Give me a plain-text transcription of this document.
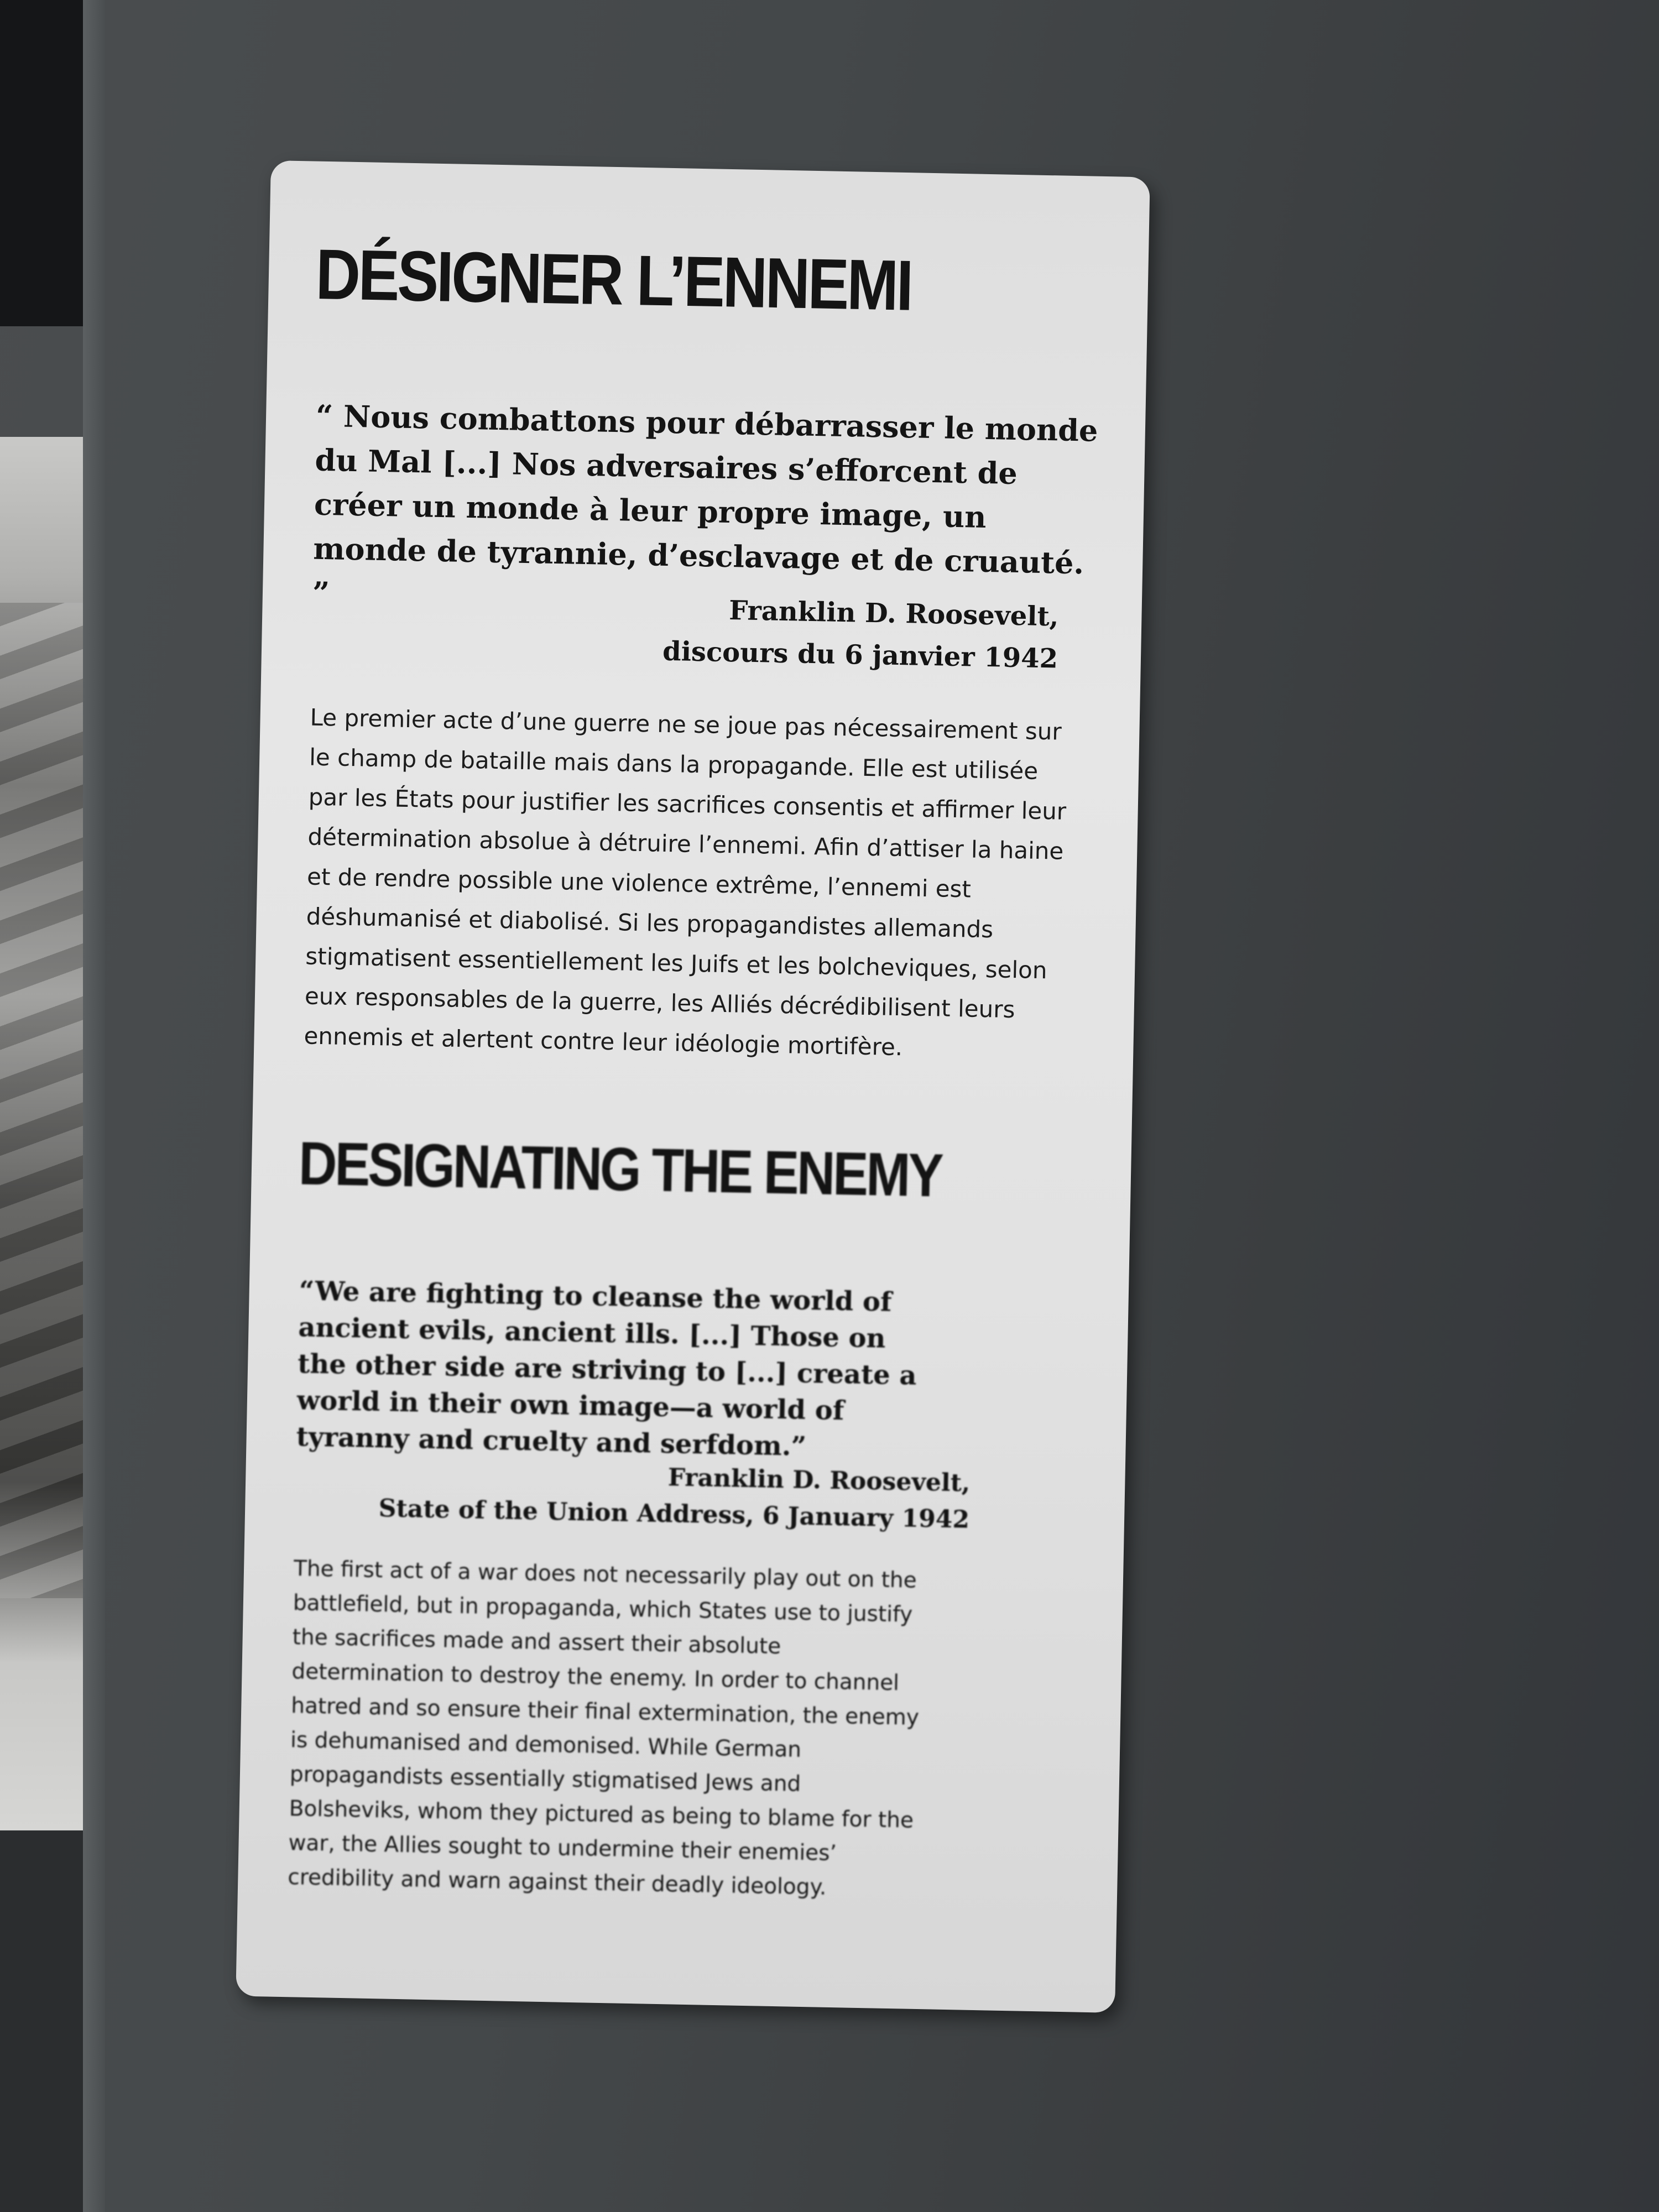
DÉSIGNER L’ENNEMI
“ Nous combattons pour débarrasser le monde du Mal [...] Nos adversaires s’efforcent de créer un monde à leur propre image, un monde de tyrannie, d’esclavage et de cruauté. ”
Franklin D. Roosevelt,
discours du 6 janvier 1942
Le premier acte d’une guerre ne se joue pas nécessairement sur le champ de bataille mais dans la propagande. Elle est utilisée par les États pour justifier les sacrifices consentis et affirmer leur détermination absolue à détruire l’ennemi. Afin d’attiser la haine et de rendre possible une violence extrême, l’ennemi est déshumanisé et diabolisé. Si les propagandistes allemands stigmatisent essentiellement les Juifs et les bolcheviques, selon eux responsables de la guerre, les Alliés décrédibilisent leurs ennemis et alertent contre leur idéologie mortifère.
DESIGNATING THE ENEMY
“We are fighting to cleanse the world of ancient evils, ancient ills. [...] Those on the other side are striving to [...] create a world in their own image—a world of tyranny and cruelty and serfdom.”
Franklin D. Roosevelt,
State of the Union Address, 6 January 1942
The first act of a war does not necessarily play out on the battlefield, but in propaganda, which States use to justify the sacrifices made and assert their absolute determination to destroy the enemy. In order to channel hatred and so ensure their final extermination, the enemy is dehumanised and demonised. While German propagandists essentially stigmatised Jews and Bolsheviks, whom they pictured as being to blame for the war, the Allies sought to undermine their enemies’ credibility and warn against their deadly ideology.
